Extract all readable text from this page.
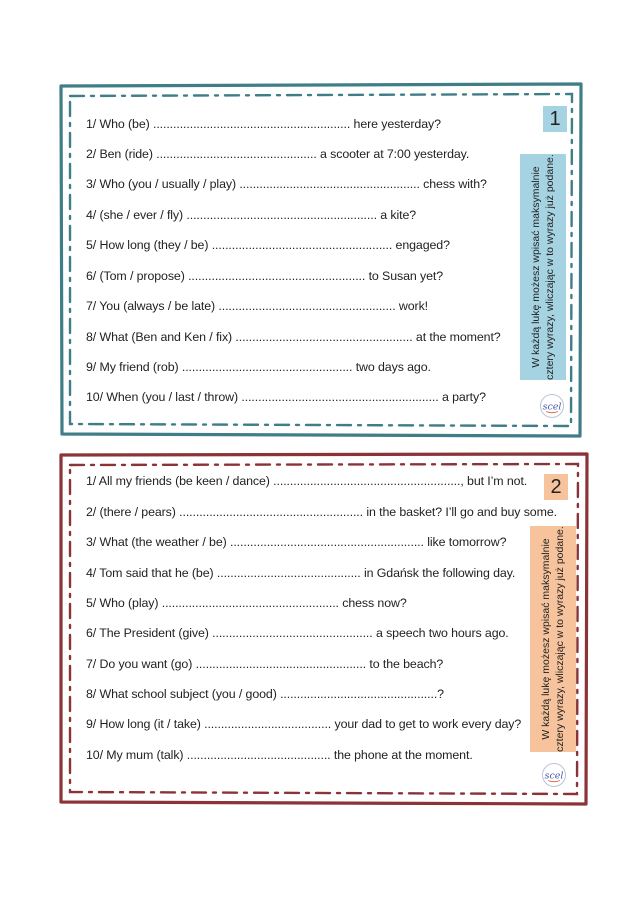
1/ Who (be) ........................................................... here yesterday?
2/ Ben (ride) ................................................ a scooter at 7:00 yesterday.
3/ Who (you / usually / play) ...................................................... chess with?
4/ (she / ever / fly) ......................................................... a kite?
5/ How long (they / be) ...................................................... engaged?
6/ (Tom / propose) ..................................................... to Susan yet?
7/ You (always / be late) ..................................................... work!
8/ What (Ben and Ken / fix) ..................................................... at the moment?
9/ My friend (rob) ................................................... two days ago.
10/ When (you / last / throw) ........................................................... a party?
1
W każdą lukę możesz wpisać maksymalnie cztery wyrazy, wliczając w to wyrazy już podane.
scel
1/ All my friends (be keen / dance) ........................................................, but I’m not.
2/ (there / pears) ....................................................... in the basket? I’ll go and buy some.
3/ What (the weather / be) .......................................................... like tomorrow?
4/ Tom said that he (be) ........................................... in Gdańsk the following day.
5/ Who (play) ..................................................... chess now?
6/ The President (give) ................................................ a speech two hours ago.
7/ Do you want (go) ................................................... to the beach?
8/ What school subject (you / good) ...............................................?
9/ How long (it / take) ...................................... your dad to get to work every day?
10/ My mum (talk) ........................................... the phone at the moment.
2
W każdą lukę możesz wpisać maksymalnie cztery wyrazy, wliczając w to wyrazy już podane.
scel
